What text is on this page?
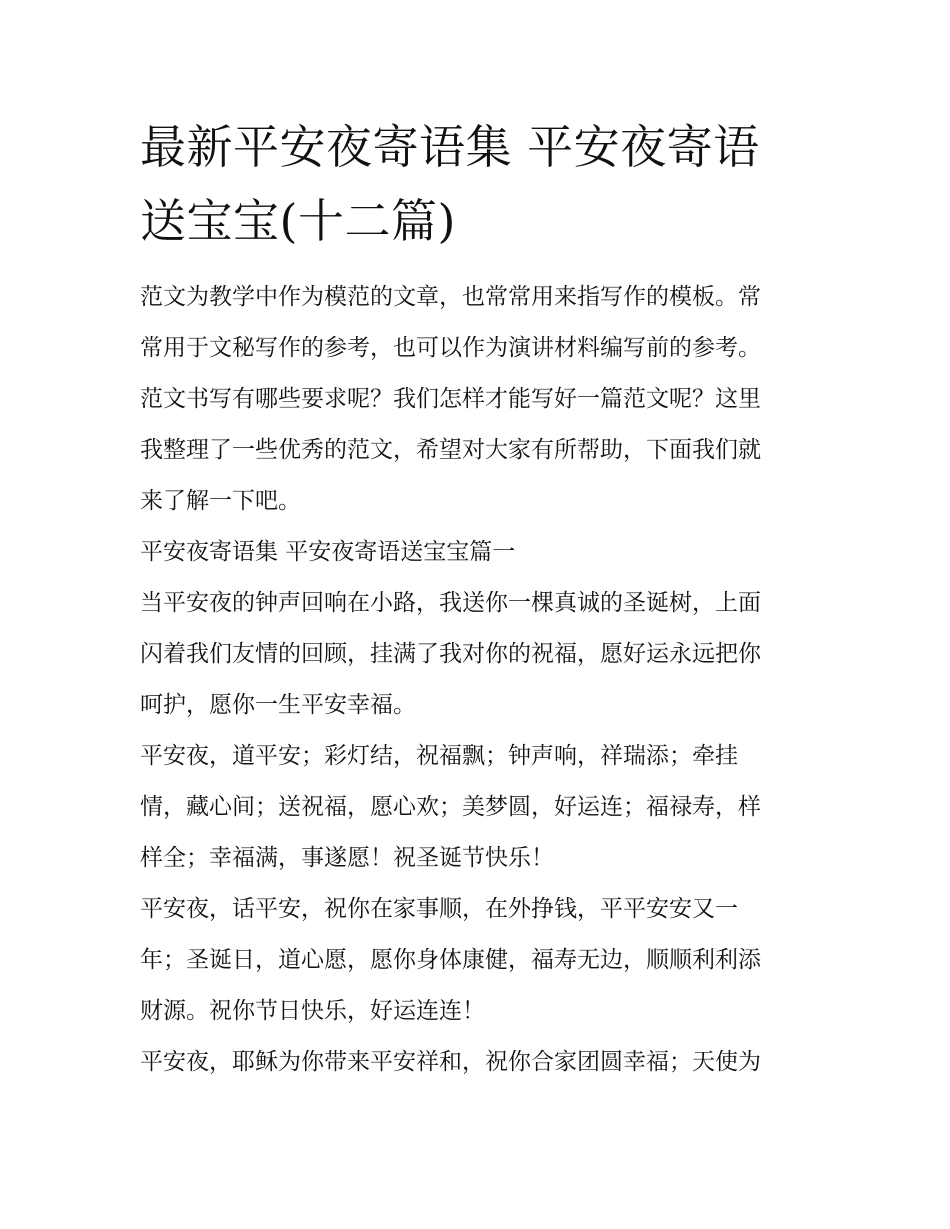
最新平安夜寄语集 平安夜寄语
送宝宝(十二篇)

范文为教学中作为模范的文章，也常常用来指写作的模板。常
常用于文秘写作的参考，也可以作为演讲材料编写前的参考。
范文书写有哪些要求呢？我们怎样才能写好一篇范文呢？这里
我整理了一些优秀的范文，希望对大家有所帮助，下面我们就
来了解一下吧。

平安夜寄语集 平安夜寄语送宝宝篇一

当平安夜的钟声回响在小路，我送你一棵真诚的圣诞树，上面
闪着我们友情的回顾，挂满了我对你的祝福，愿好运永远把你
呵护，愿你一生平安幸福。

平安夜，道平安；彩灯结，祝福飘；钟声响，祥瑞添；牵挂
情，藏心间；送祝福，愿心欢；美梦圆，好运连；福禄寿，样
样全；幸福满，事遂愿！祝圣诞节快乐！

平安夜，话平安，祝你在家事顺，在外挣钱，平平安安又一
年；圣诞日，道心愿，愿你身体康健，福寿无边，顺顺利利添
财源。祝你节日快乐，好运连连！

平安夜，耶稣为你带来平安祥和，祝你合家团圆幸福；天使为
